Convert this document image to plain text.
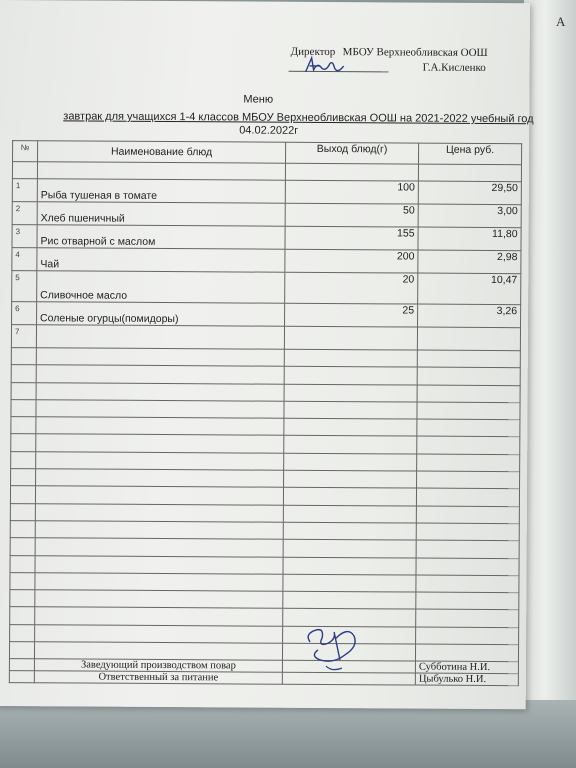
А
Директор МБОУ Верхнеобливская ООШ
Г.А.Кисленко
Меню
завтрак для учащихся 1-4 классов МБОУ Верхнеобливская ООШ на 2021-2022 учебный год
04.02.2022г
№	Наименование блюд	Выход блюд(г)	Цена руб.

1	Рыба тушеная в томате	100	29,50
2	Хлеб пшеничный	50	3,00
3	Рис отварной с маслом	155	11,80
4	Чай	200	2,98
5	Сливочное масло	20	10,47
6	Соленые огурцы(помидоры)	25	3,26
7			

	Заведующий производством повар		Субботина Н.И.
	Ответственный за питание		Цыбулько Н.И.
